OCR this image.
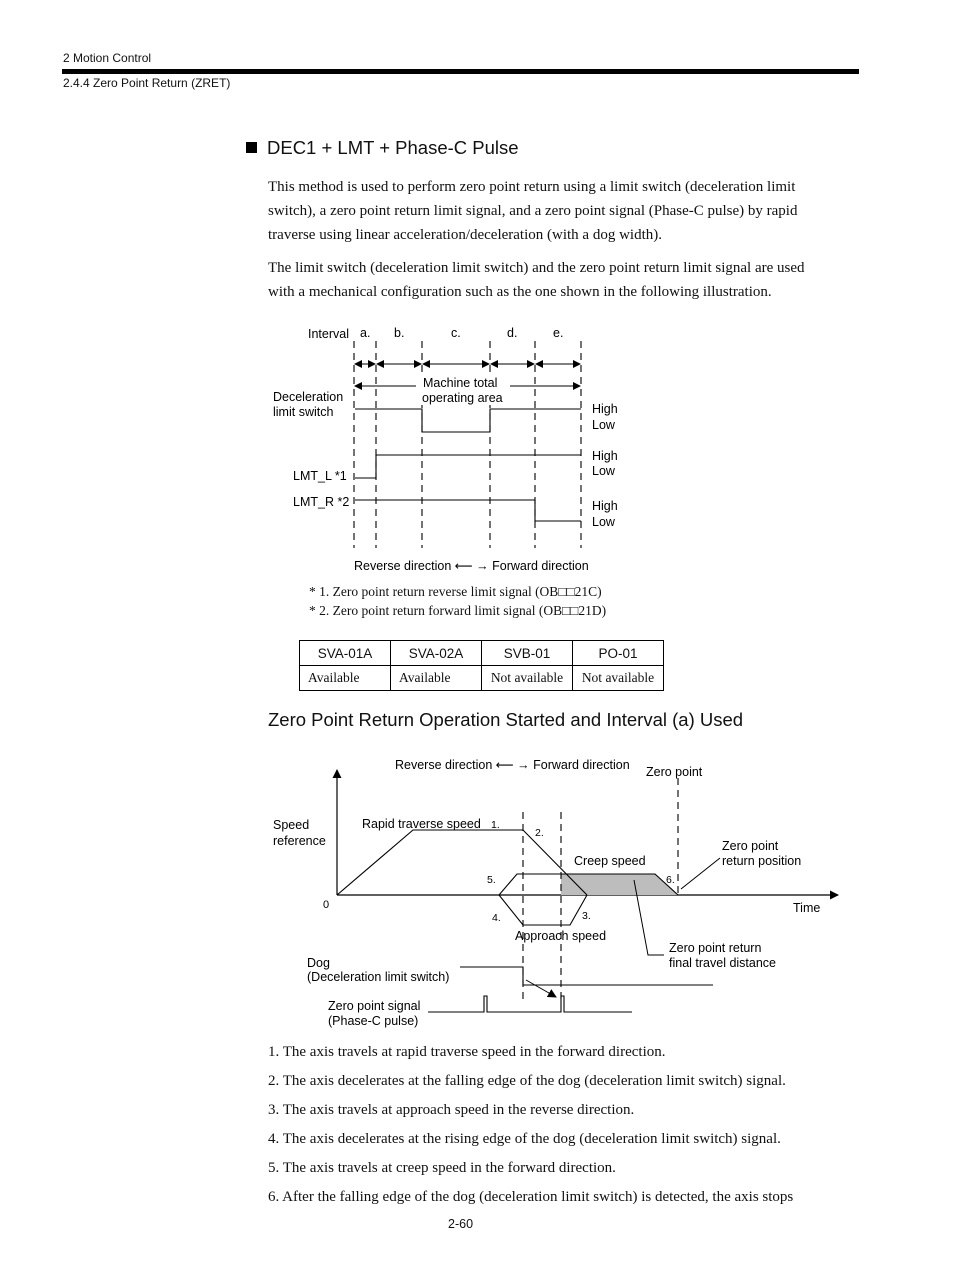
2 Motion Control
2.4.4 Zero Point Return (ZRET)
DEC1 + LMT + Phase-C Pulse
This method is used to perform zero point return using a limit switch (deceleration limit
switch), a zero point return limit signal, and a zero point signal (Phase-C pulse) by rapid
traverse using linear acceleration/deceleration (with a dog width).
The limit switch (deceleration limit switch) and the zero point return limit signal are used
with a mechanical configuration such as the one shown in the following illustration.
Interval a. b.	c.	d.	e.
Machine total
operating area
Deceleration
limit switch
LMT_L *1
LMT_R *2
High
Low
High
Low
High
Low
Reverse direction ⟵ → Forward direction
* 1. Zero point return reverse limit signal (OB□□21C)
* 2. Zero point return forward limit signal (OB□□21D)
SVA-01A	SVA-02A	SVB-01	PO-01
Available	Available	Not available	Not available
Zero Point Return Operation Started and Interval (a) Used
Reverse direction ⟵ → Forward direction Zero point
Speed
reference
0	Time
Rapid traverse speed 1.
2.
Creep speed
5.	6.
Zero point
return position
4.	3.
Approach speed
Zero point return
final travel distance
Dog
(Deceleration limit switch)
Zero point signal
(Phase-C pulse)
1. The axis travels at rapid traverse speed in the forward direction.
2. The axis decelerates at the falling edge of the dog (deceleration limit switch) signal.
3. The axis travels at approach speed in the reverse direction.
4. The axis decelerates at the rising edge of the dog (deceleration limit switch) signal.
5. The axis travels at creep speed in the forward direction.
6. After the falling edge of the dog (deceleration limit switch) is detected, the axis stops
2-60
